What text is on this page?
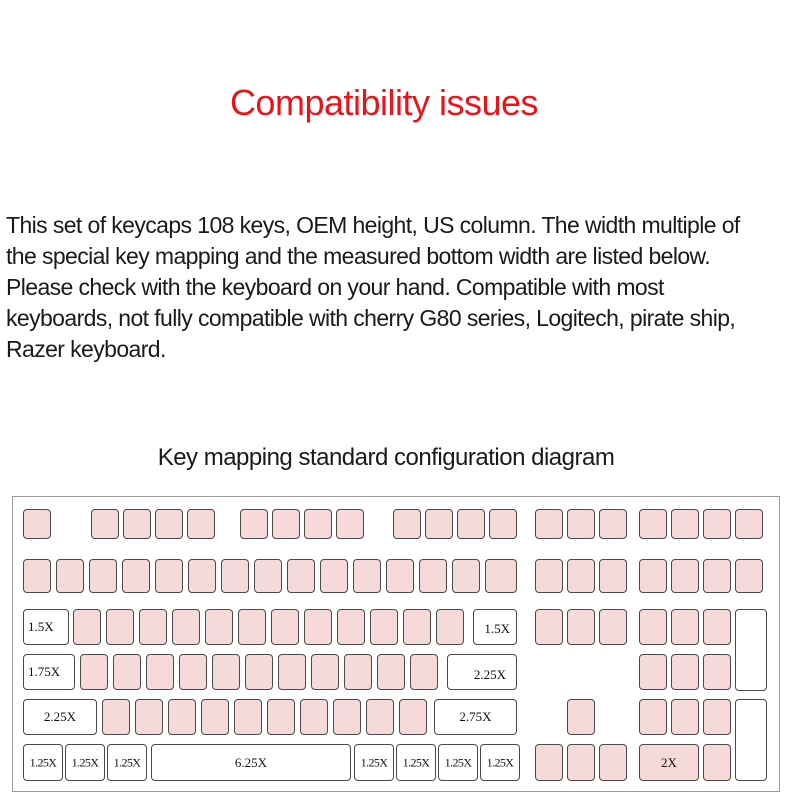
Compatibility issues
This set of keycaps 108 keys, OEM height, US column. The width multiple of
the special key mapping and the measured bottom width are listed below.
Please check with the keyboard on your hand. Compatible with most
keyboards, not fully compatible with cherry G80 series, Logitech, pirate ship,
Razer keyboard.
Key mapping standard configuration diagram
1.5X	1.5X
1.75X	2.25X
2.25X	2.75X
1.25X 1.25X 1.25X	6.25X	1.25X 1.25X 1.25X 1.25X	2X
